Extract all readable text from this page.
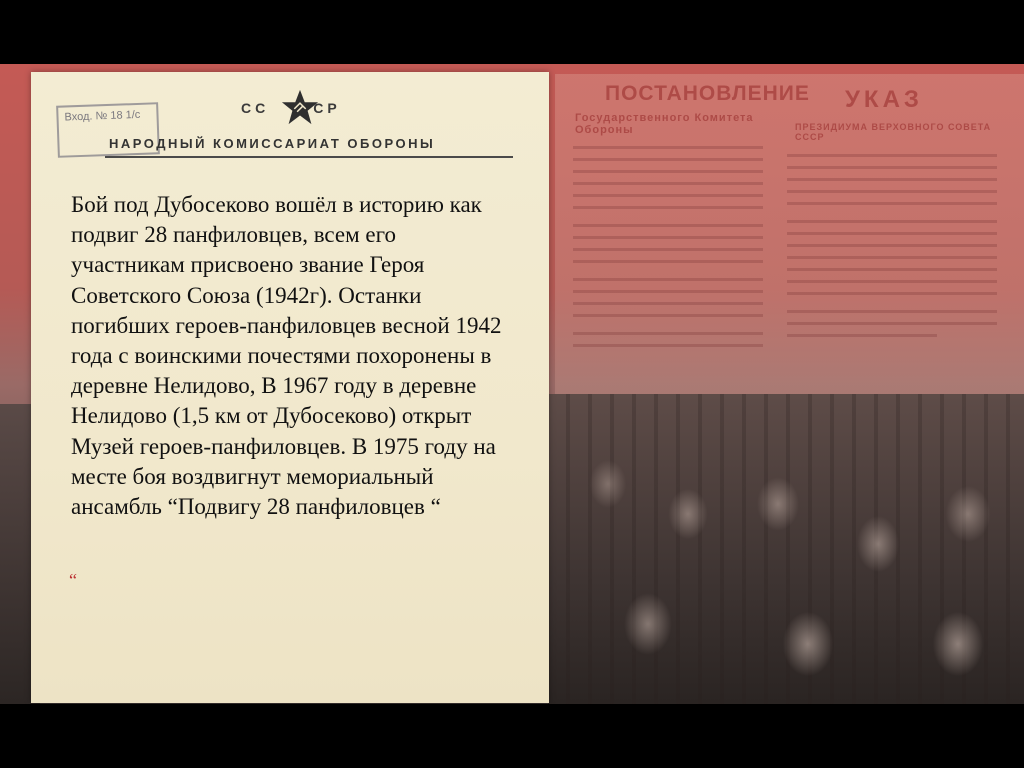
ПОСТАНОВЛЕНИЕ
Государственного Комитета Обороны
УКАЗ
ПРЕЗИДИУМА ВЕРХОВНОГО СОВЕТА СССР
Вход. № 18 1/с
СС	СР
НАРОДНЫЙ КОМИССАРИАТ ОБОРОНЫ
Бой под Дубосеково вошёл в историю как подвиг 28 панфиловцев, всем его участникам присвоено звание Героя Советского Союза (1942г). Останки погибших героев-панфиловцев весной 1942 года с воинскими почестями похоронены в деревне Нелидово, В 1967 году в деревне Нелидово (1,5 км от Дубосеково) открыт Музей героев-панфиловцев. В 1975 году на месте боя воздвигнут мемориальный ансамбль “Подвигу 28 панфиловцев “
“
